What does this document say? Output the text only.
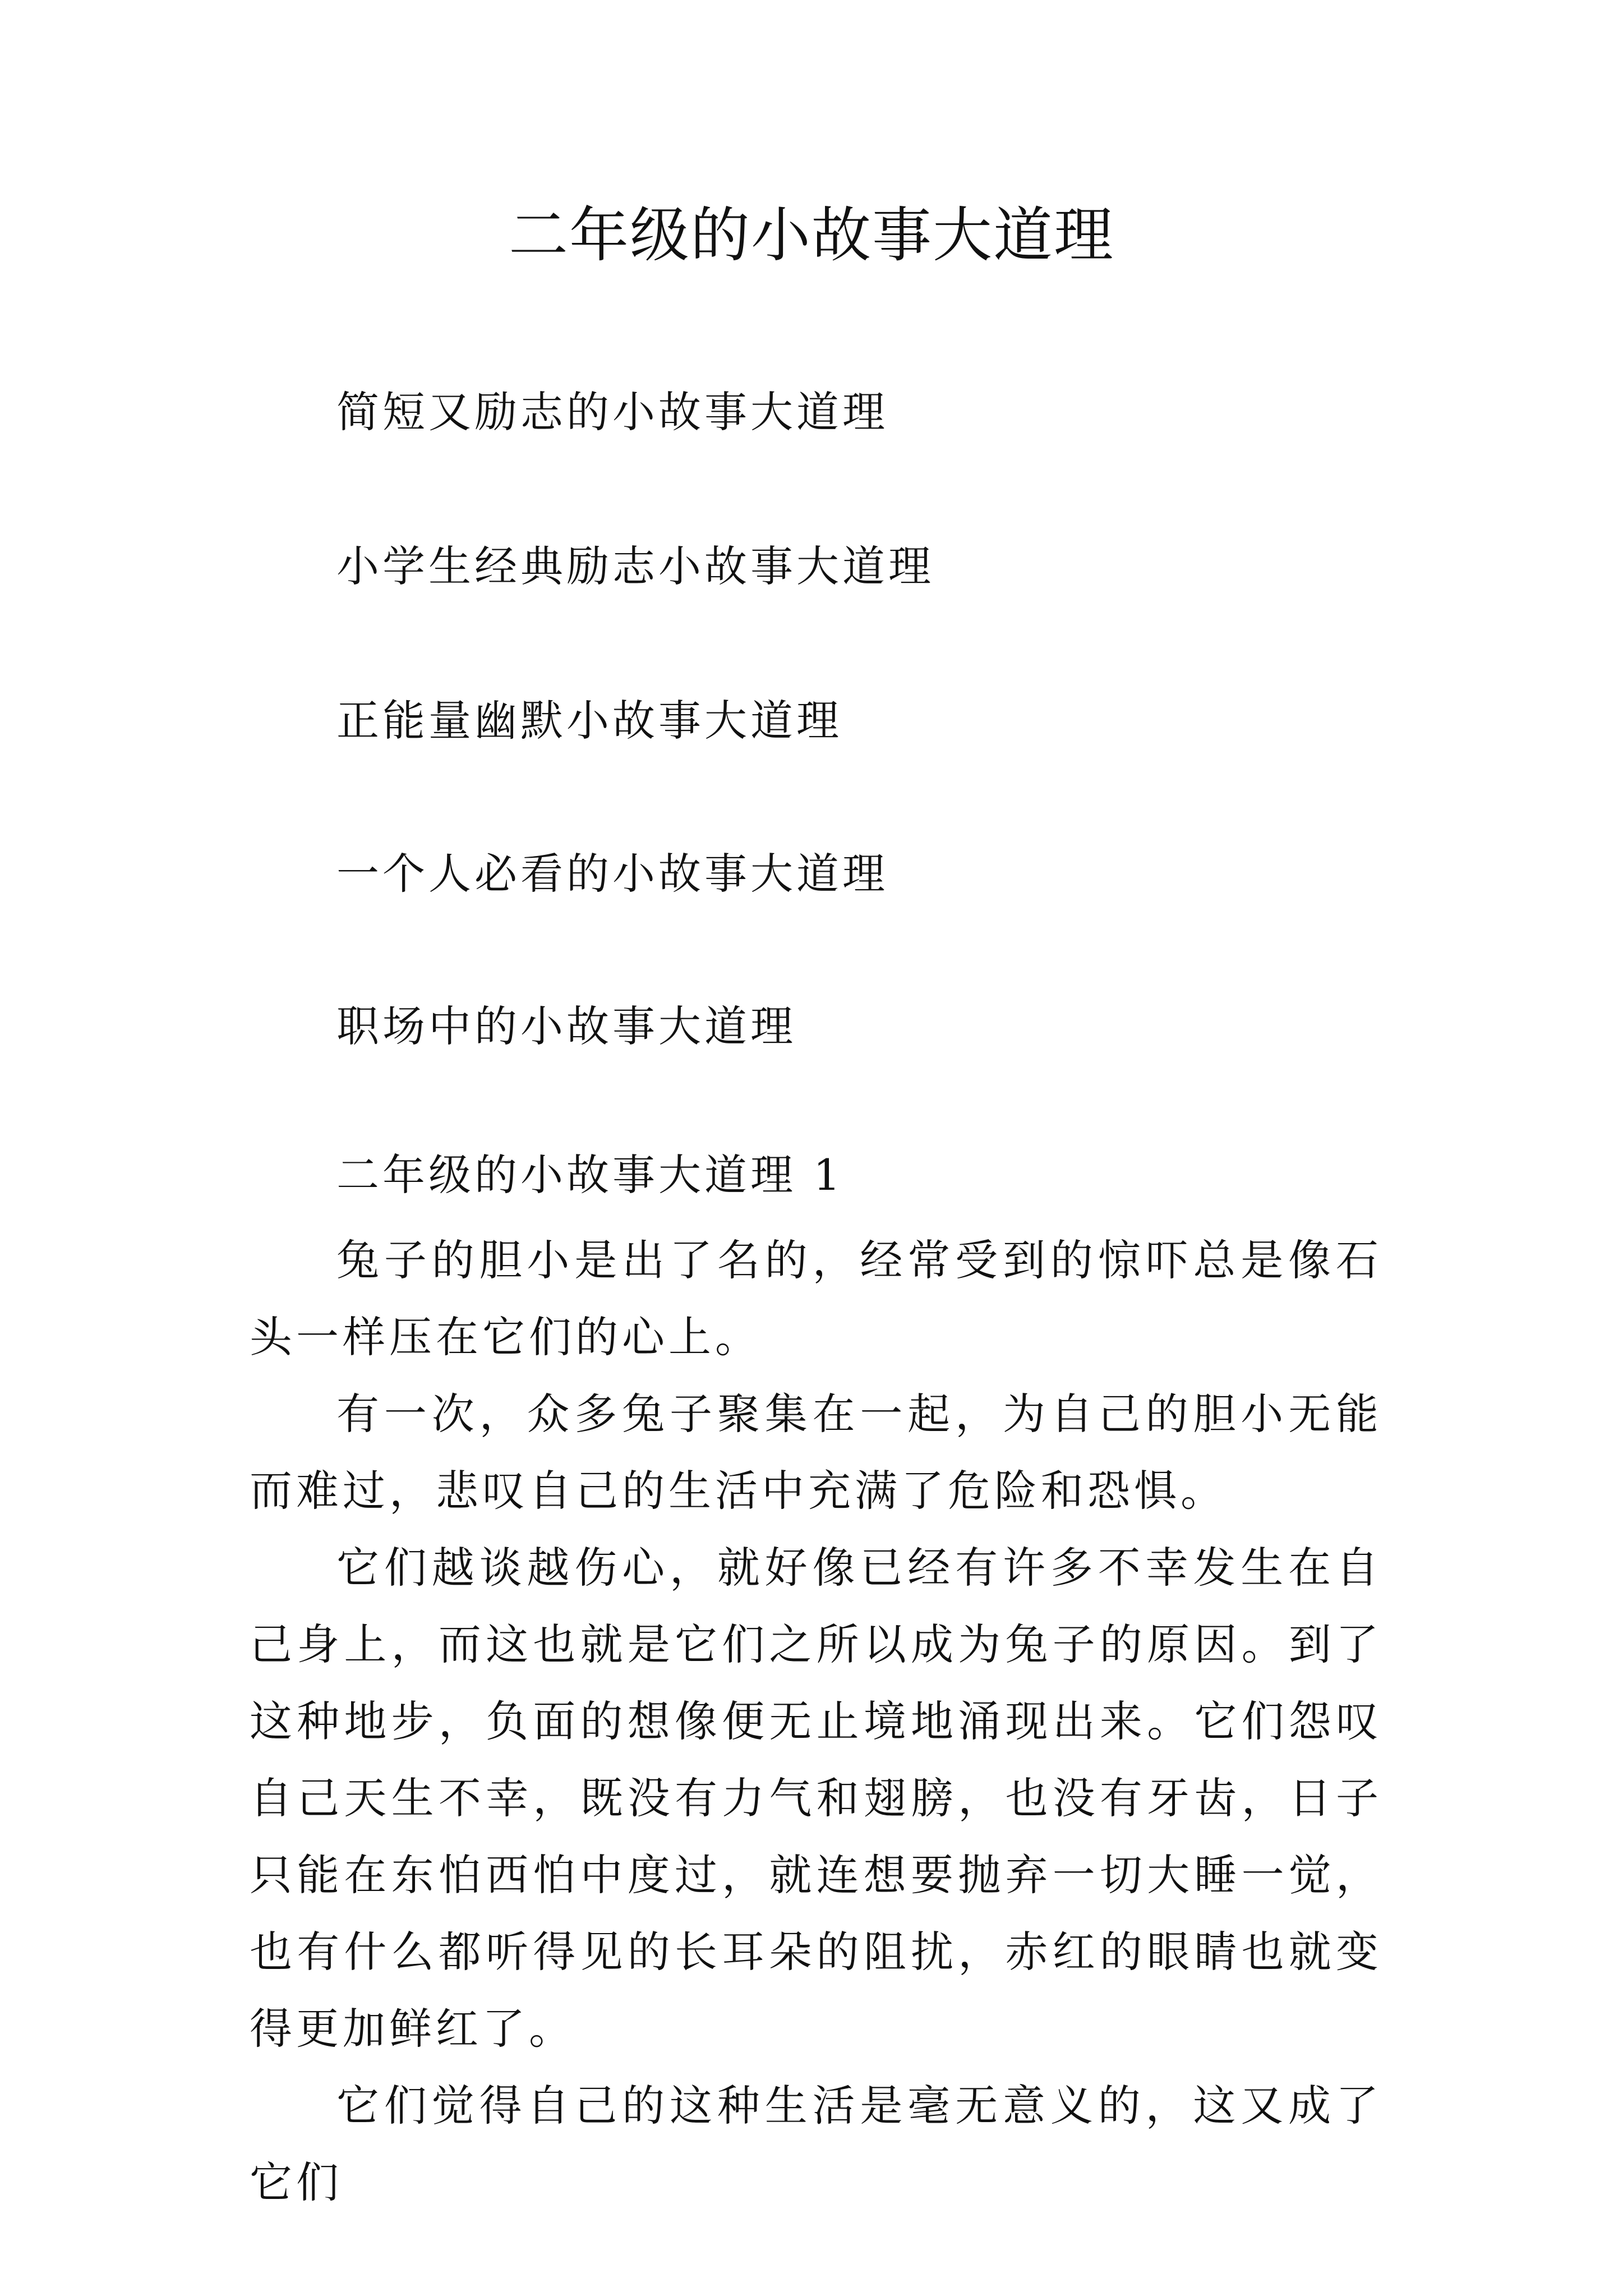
二年级的小故事大道理
简短又励志的小故事大道理
小学生经典励志小故事大道理
正能量幽默小故事大道理
一个人必看的小故事大道理
职场中的小故事大道理
二年级的小故事大道理 1

兔子的胆小是出了名的，经常受到的惊吓总是像石头一样压在它们的心上。

有一次，众多兔子聚集在一起，为自己的胆小无能而难过，悲叹自己的生活中充满了危险和恐惧。

它们越谈越伤心，就好像已经有许多不幸发生在自己身上，而这也就是它们之所以成为兔子的原因。到了这种地步，负面的想像便无止境地涌现出来。它们怨叹自己天生不幸，既没有力气和翅膀，也没有牙齿，日子只能在东怕西怕中度过，就连想要抛弃一切大睡一觉，也有什么都听得见的长耳朵的阻扰，赤红的眼睛也就变得更加鲜红了。

它们觉得自己的这种生活是毫无意义的，这又成了它们
